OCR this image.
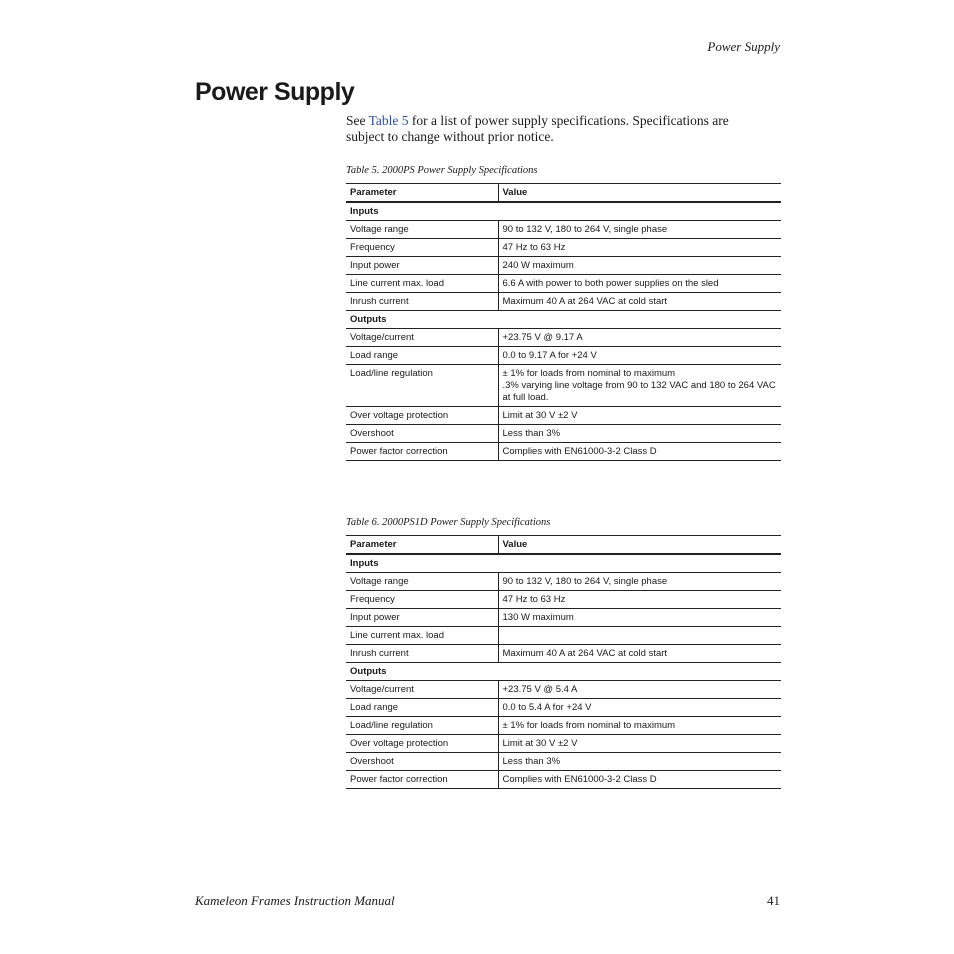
Power Supply
Power Supply

See Table 5 for a list of power supply specifications. Specifications are subject to change without prior notice.

Table 5. 2000PS Power Supply Specifications

Parameter	Value
Inputs	
Voltage range	90 to 132 V, 180 to 264 V, single phase

Frequency	47 Hz to 63 Hz

Input power	240 W maximum

Line current max. load	6.6 A with power to both power supplies on the sled

Inrush current	Maximum 40 A at 264 VAC at cold start

Outputs	
Voltage/current	+23.75 V @ 9.17 A

Load range	0.0 to 9.17 A for +24 V

Load/line regulation	± 1% for loads from nominal to maximum
.3% varying line voltage from 90 to 132 VAC and 180 to 264 VAC at full load.

Over voltage protection	Limit at 30 V ±2 V

Overshoot	Less than 3%

Power factor correction	Complies with EN61000-3-2 Class D

Table 6. 2000PS1D Power Supply Specifications

Parameter	Value
Inputs	
Voltage range	90 to 132 V, 180 to 264 V, single phase

Frequency	47 Hz to 63 Hz

Input power	130 W maximum

Line current max. load	
Inrush current	Maximum 40 A at 264 VAC at cold start

Outputs	
Voltage/current	+23.75 V @ 5.4 A

Load range	0.0 to 5.4 A for +24 V

Load/line regulation	± 1% for loads from nominal to maximum

Over voltage protection	Limit at 30 V ±2 V

Overshoot	Less than 3%

Power factor correction	Complies with EN61000-3-2 Class D
Kameleon Frames Instruction Manual	41
